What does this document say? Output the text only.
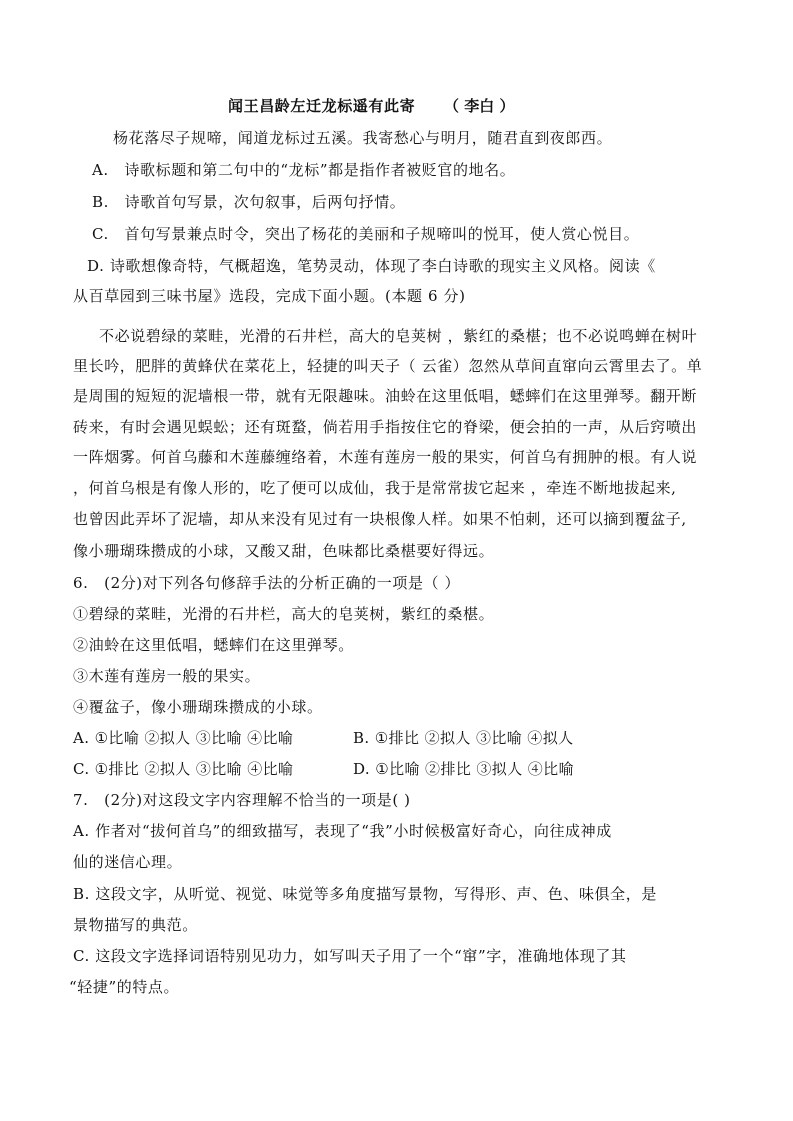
闻王昌龄左迁龙标遥有此寄 （ 李白 ）
杨花落尽子规啼，闻道龙标过五溪。我寄愁心与明月，随君直到夜郎西。
A.　诗歌标题和第二句中的“龙标”都是指作者被贬官的地名。
B.　诗歌首句写景，次句叙事，后两句抒情。
C.　首句写景兼点时令，突出了杨花的美丽和子规啼叫的悦耳，使人赏心悦目。
D. 诗歌想像奇特，气概超逸，笔势灵动，体现了李白诗歌的现实主义风格。阅读《
从百草园到三味书屋》选段，完成下面小题。(本题 6 分)
不必说碧绿的菜畦，光滑的石井栏，高大的皂荚树 ，紫红的桑椹；也不必说鸣蝉在树叶
里长吟，肥胖的黄蜂伏在菜花上，轻捷的叫天子（ 云雀）忽然从草间直窜向云霄里去了。单
是周围的短短的泥墙根一带，就有无限趣味。油蛉在这里低唱，蟋蟀们在这里弹琴。翻开断
砖来，有时会遇见蜈蚣；还有斑蝥，倘若用手指按住它的脊梁，便会拍的一声，从后窍喷出
一阵烟雾。何首乌藤和木莲藤缠络着，木莲有莲房一般的果实，何首乌有拥肿的根。有人说
，何首乌根是有像人形的，吃了便可以成仙，我于是常常拔它起来 ，牵连不断地拔起来,
也曾因此弄坏了泥墙，却从来没有见过有一块根像人样。如果不怕刺，还可以摘到覆盆子,
像小珊瑚珠攒成的小球，又酸又甜，色味都比桑椹要好得远。
6.　(2分)对下列各句修辞手法的分析正确的一项是（ ）
①碧绿的菜畦，光滑的石井栏，高大的皂荚树，紫红的桑椹。
②油蛉在这里低唱，蟋蟀们在这里弹琴。
③木莲有莲房一般的果实。
④覆盆子，像小珊瑚珠攒成的小球。
A. ①比喻 ②拟人 ③比喻 ④比喻	B. ①排比 ②拟人 ③比喻 ④拟人
C. ①排比 ②拟人 ③比喻 ④比喻	D. ①比喻 ②排比 ③拟人 ④比喻
7.　(2分)对这段文字内容理解不恰当的一项是( )
A. 作者对“拔何首乌”的细致描写，表现了“我”小时候极富好奇心，向往成神成
仙的迷信心理。
B. 这段文字，从听觉、视觉、味觉等多角度描写景物，写得形、声、色、味俱全，是
景物描写的典范。
C. 这段文字选择词语特别见功力，如写叫天子用了一个“窜”字，准确地体现了其
“轻捷”的特点。
